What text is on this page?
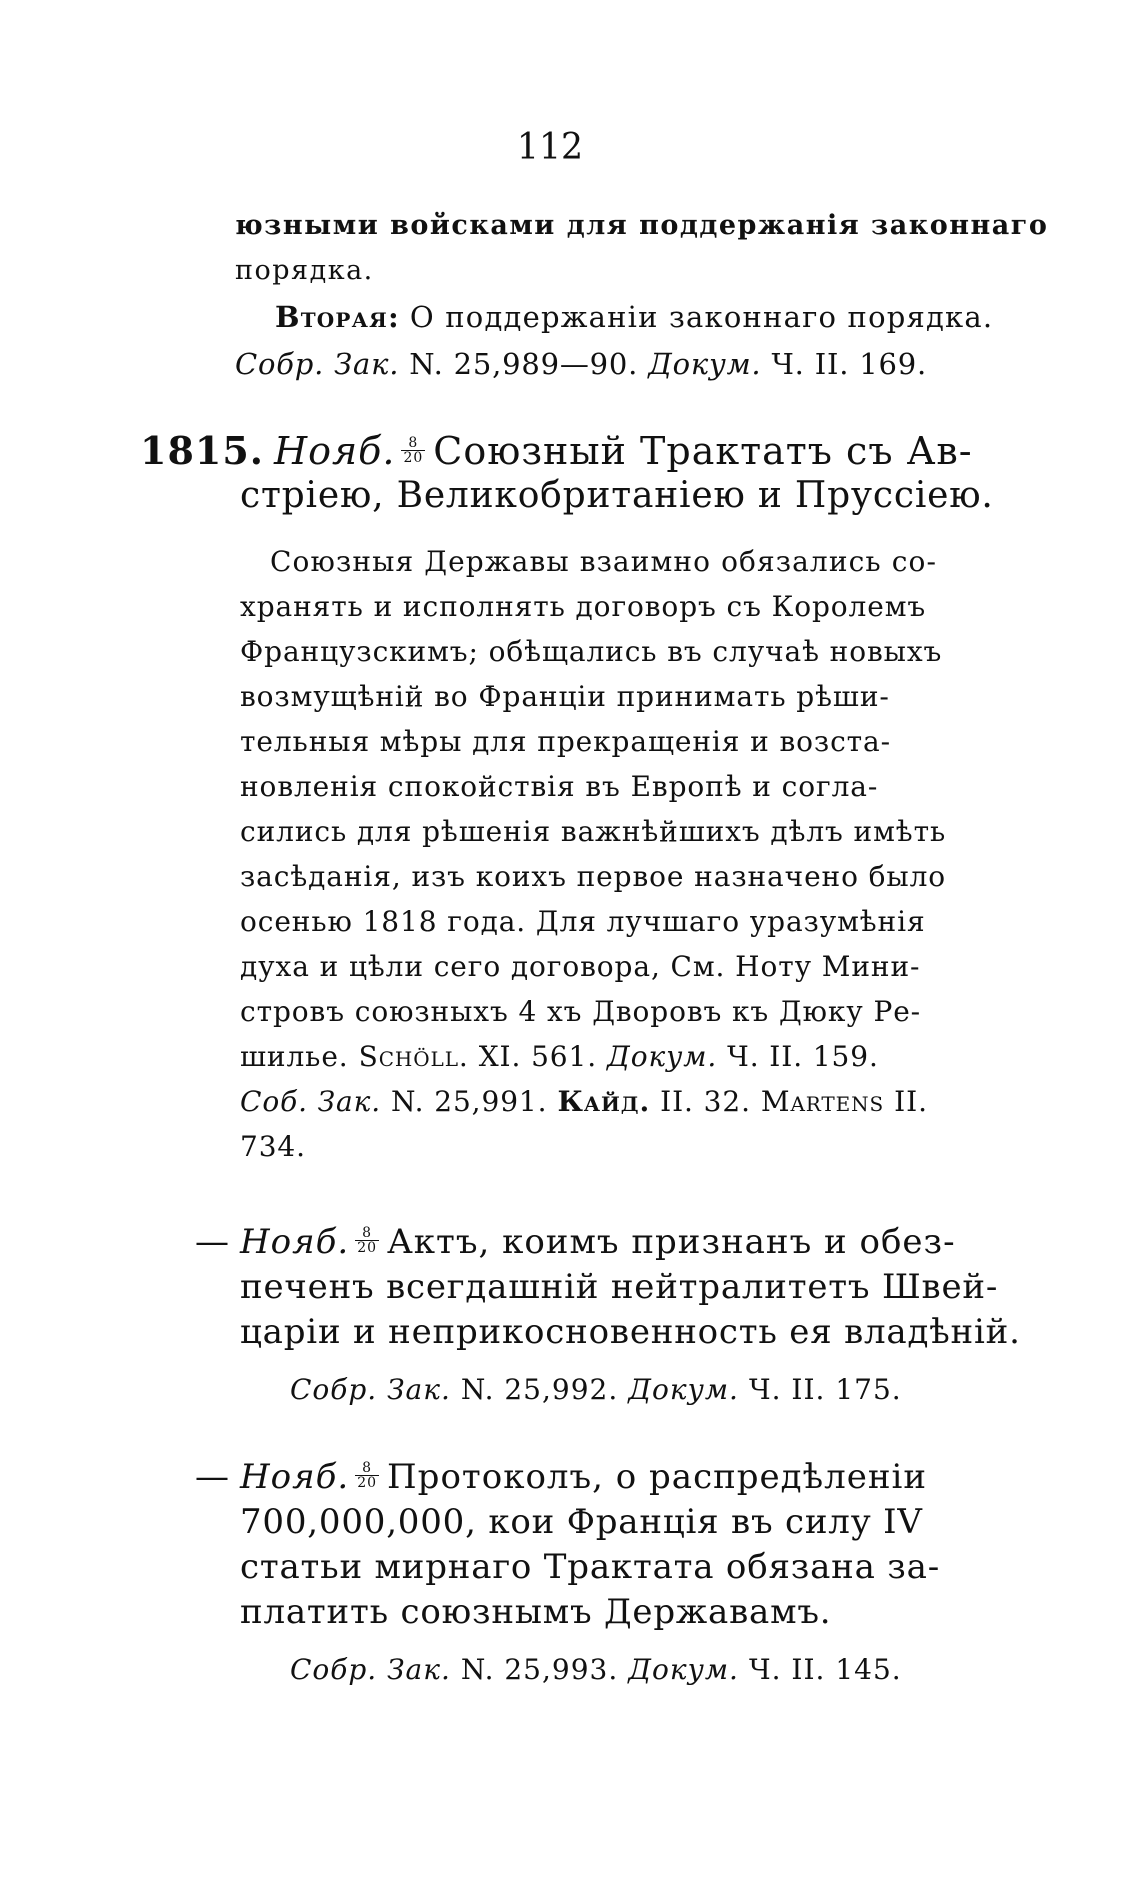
112
юзными войсками для поддержанія законнаго
порядка.
Вторая: О поддержаніи законнаго порядка.
Собр. Зак. N. 25,989—90. Докум. Ч. II. 169.
1815. Нояб. $\frac{8}{20}$ Союзный Трактатъ съ Ав-
стріею, Великобританіею и Пруссіею.
Союзныя Державы взаимно обязались со-
хранять и исполнять договоръ съ Королемъ
Французскимъ; обѣщались въ случаѣ новыхъ
возмущѣній во Франціи принимать рѣши-
тельныя мѣры для прекращенія и возста-
новленія спокойствія въ Европѣ и согла-
сились для рѣшенія важнѣйшихъ дѣлъ имѣть
засѣданія, изъ коихъ первое назначено было
осенью 1818 года. Для лучшаго уразумѣнія
духа и цѣли сего договора, См. Ноту Мини-
стровъ союзныхъ 4 хъ Дворовъ къ Дюку Ре-
шилье. Schöll. XI. 561. Докум. Ч. II. 159.
Соб. Зак. N. 25,991. Кайд. II. 32. Martens II.
734.
— Нояб. $\frac{8}{20}$ Актъ, коимъ признанъ и обез-
печенъ всегдашній нейтралитетъ Швей-
царіи и неприкосновенность ея владѣній.
Собр. Зак. N. 25,992. Докум. Ч. II. 175.
— Нояб. $\frac{8}{20}$ Протоколъ, о распредѣленіи
700,000,000, кои Франція въ силу IV
статьи мирнаго Трактата обязана за-
платить союзнымъ Державамъ.
Собр. Зак. N. 25,993. Докум. Ч. II. 145.
